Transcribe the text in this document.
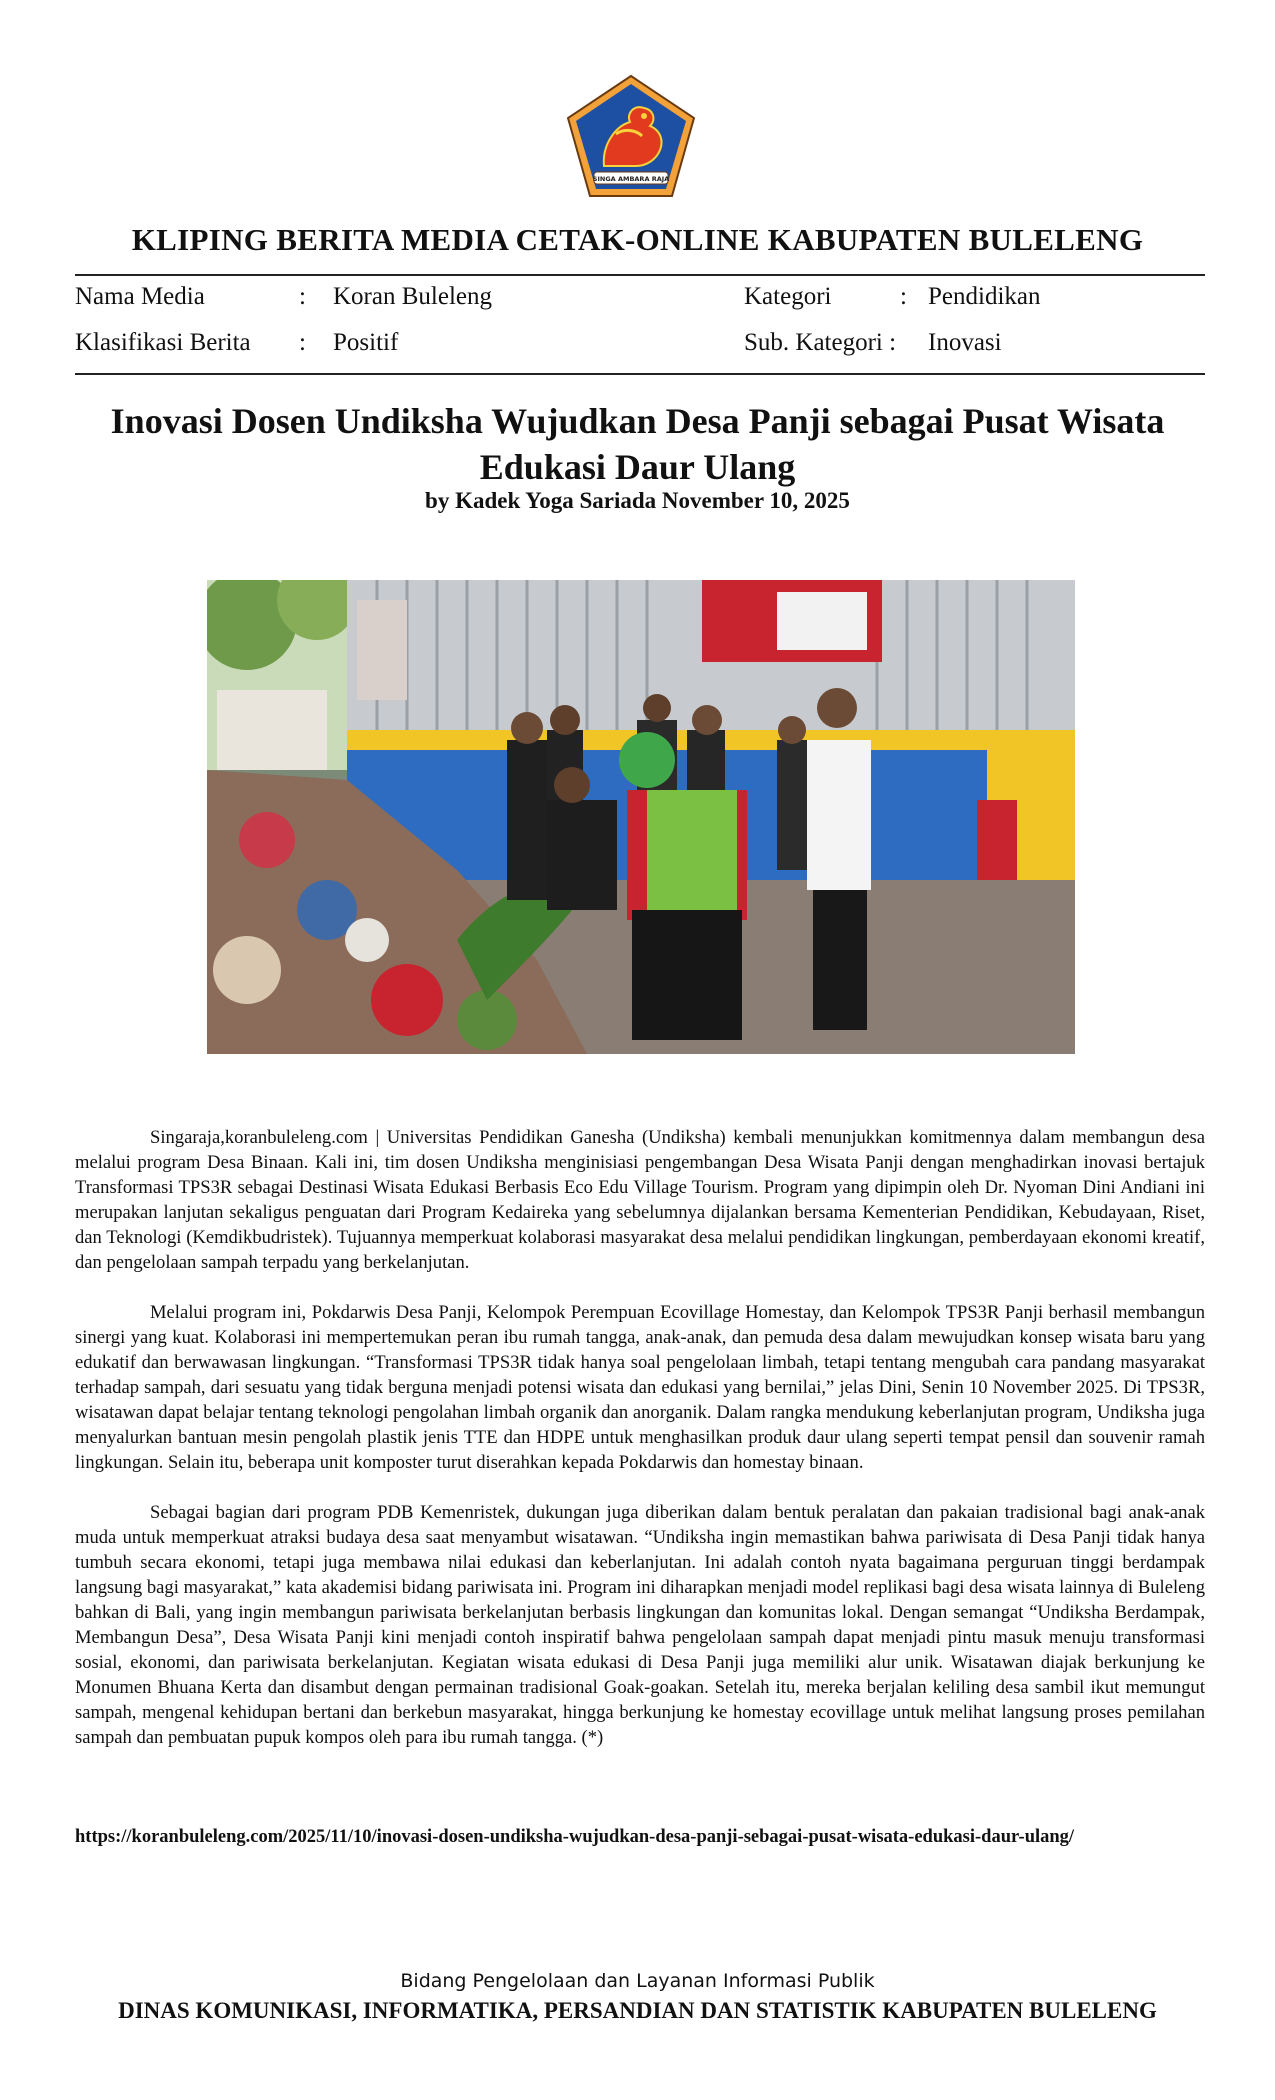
SINGA AMBARA RAJA
KLIPING BERITA MEDIA CETAK-ONLINE KABUPATEN BULELENG
Nama Media	: Koran Buleleng
Klasifikasi Berita : Positif
Kategori	: Pendidikan
Sub. Kategori : Inovasi
Inovasi Dosen Undiksha Wujudkan Desa Panji sebagai Pusat Wisata
Edukasi Daur Ulang
by Kadek Yoga Sariada November 10, 2025

Singaraja,koranbuleleng.com | Universitas Pendidikan Ganesha (Undiksha) kembali menunjukkan komitmennya dalam membangun desa melalui program Desa Binaan. Kali ini, tim dosen Undiksha menginisiasi pengembangan Desa Wisata Panji dengan menghadirkan inovasi bertajuk Transformasi TPS3R sebagai Destinasi Wisata Edukasi Berbasis Eco Edu Village Tourism. Program yang dipimpin oleh Dr. Nyoman Dini Andiani ini merupakan lanjutan sekaligus penguatan dari Program Kedaireka yang sebelumnya dijalankan bersama Kementerian Pendidikan, Kebudayaan, Riset, dan Teknologi (Kemdikbudristek). Tujuannya memperkuat kolaborasi masyarakat desa melalui pendidikan lingkungan, pemberdayaan ekonomi kreatif, dan pengelolaan sampah terpadu yang berkelanjutan.

Melalui program ini, Pokdarwis Desa Panji, Kelompok Perempuan Ecovillage Homestay, dan Kelompok TPS3R Panji berhasil membangun sinergi yang kuat. Kolaborasi ini mempertemukan peran ibu rumah tangga, anak-anak, dan pemuda desa dalam mewujudkan konsep wisata baru yang edukatif dan berwawasan lingkungan. “Transformasi TPS3R tidak hanya soal pengelolaan limbah, tetapi tentang mengubah cara pandang masyarakat terhadap sampah, dari sesuatu yang tidak berguna menjadi potensi wisata dan edukasi yang bernilai,” jelas Dini, Senin 10 November 2025. Di TPS3R, wisatawan dapat belajar tentang teknologi pengolahan limbah organik dan anorganik. Dalam rangka mendukung keberlanjutan program, Undiksha juga menyalurkan bantuan mesin pengolah plastik jenis TTE dan HDPE untuk menghasilkan produk daur ulang seperti tempat pensil dan souvenir ramah lingkungan. Selain itu, beberapa unit komposter turut diserahkan kepada Pokdarwis dan homestay binaan.

Sebagai bagian dari program PDB Kemenristek, dukungan juga diberikan dalam bentuk peralatan dan pakaian tradisional bagi anak-anak muda untuk memperkuat atraksi budaya desa saat menyambut wisatawan. “Undiksha ingin memastikan bahwa pariwisata di Desa Panji tidak hanya tumbuh secara ekonomi, tetapi juga membawa nilai edukasi dan keberlanjutan. Ini adalah contoh nyata bagaimana perguruan tinggi berdampak langsung bagi masyarakat,” kata akademisi bidang pariwisata ini. Program ini diharapkan menjadi model replikasi bagi desa wisata lainnya di Buleleng bahkan di Bali, yang ingin membangun pariwisata berkelanjutan berbasis lingkungan dan komunitas lokal. Dengan semangat “Undiksha Berdampak, Membangun Desa”, Desa Wisata Panji kini menjadi contoh inspiratif bahwa pengelolaan sampah dapat menjadi pintu masuk menuju transformasi sosial, ekonomi, dan pariwisata berkelanjutan. Kegiatan wisata edukasi di Desa Panji juga memiliki alur unik. Wisatawan diajak berkunjung ke Monumen Bhuana Kerta dan disambut dengan permainan tradisional Goak-goakan. Setelah itu, mereka berjalan keliling desa sambil ikut memungut sampah, mengenal kehidupan bertani dan berkebun masyarakat, hingga berkunjung ke homestay ecovillage untuk melihat langsung proses pemilahan sampah dan pembuatan pupuk kompos oleh para ibu rumah tangga. (*)

https://koranbuleleng.com/2025/11/10/inovasi-dosen-undiksha-wujudkan-desa-panji-sebagai-pusat-wisata-edukasi-daur-ulang/
Bidang Pengelolaan dan Layanan Informasi Publik
DINAS KOMUNIKASI, INFORMATIKA, PERSANDIAN DAN STATISTIK KABUPATEN BULELENG
